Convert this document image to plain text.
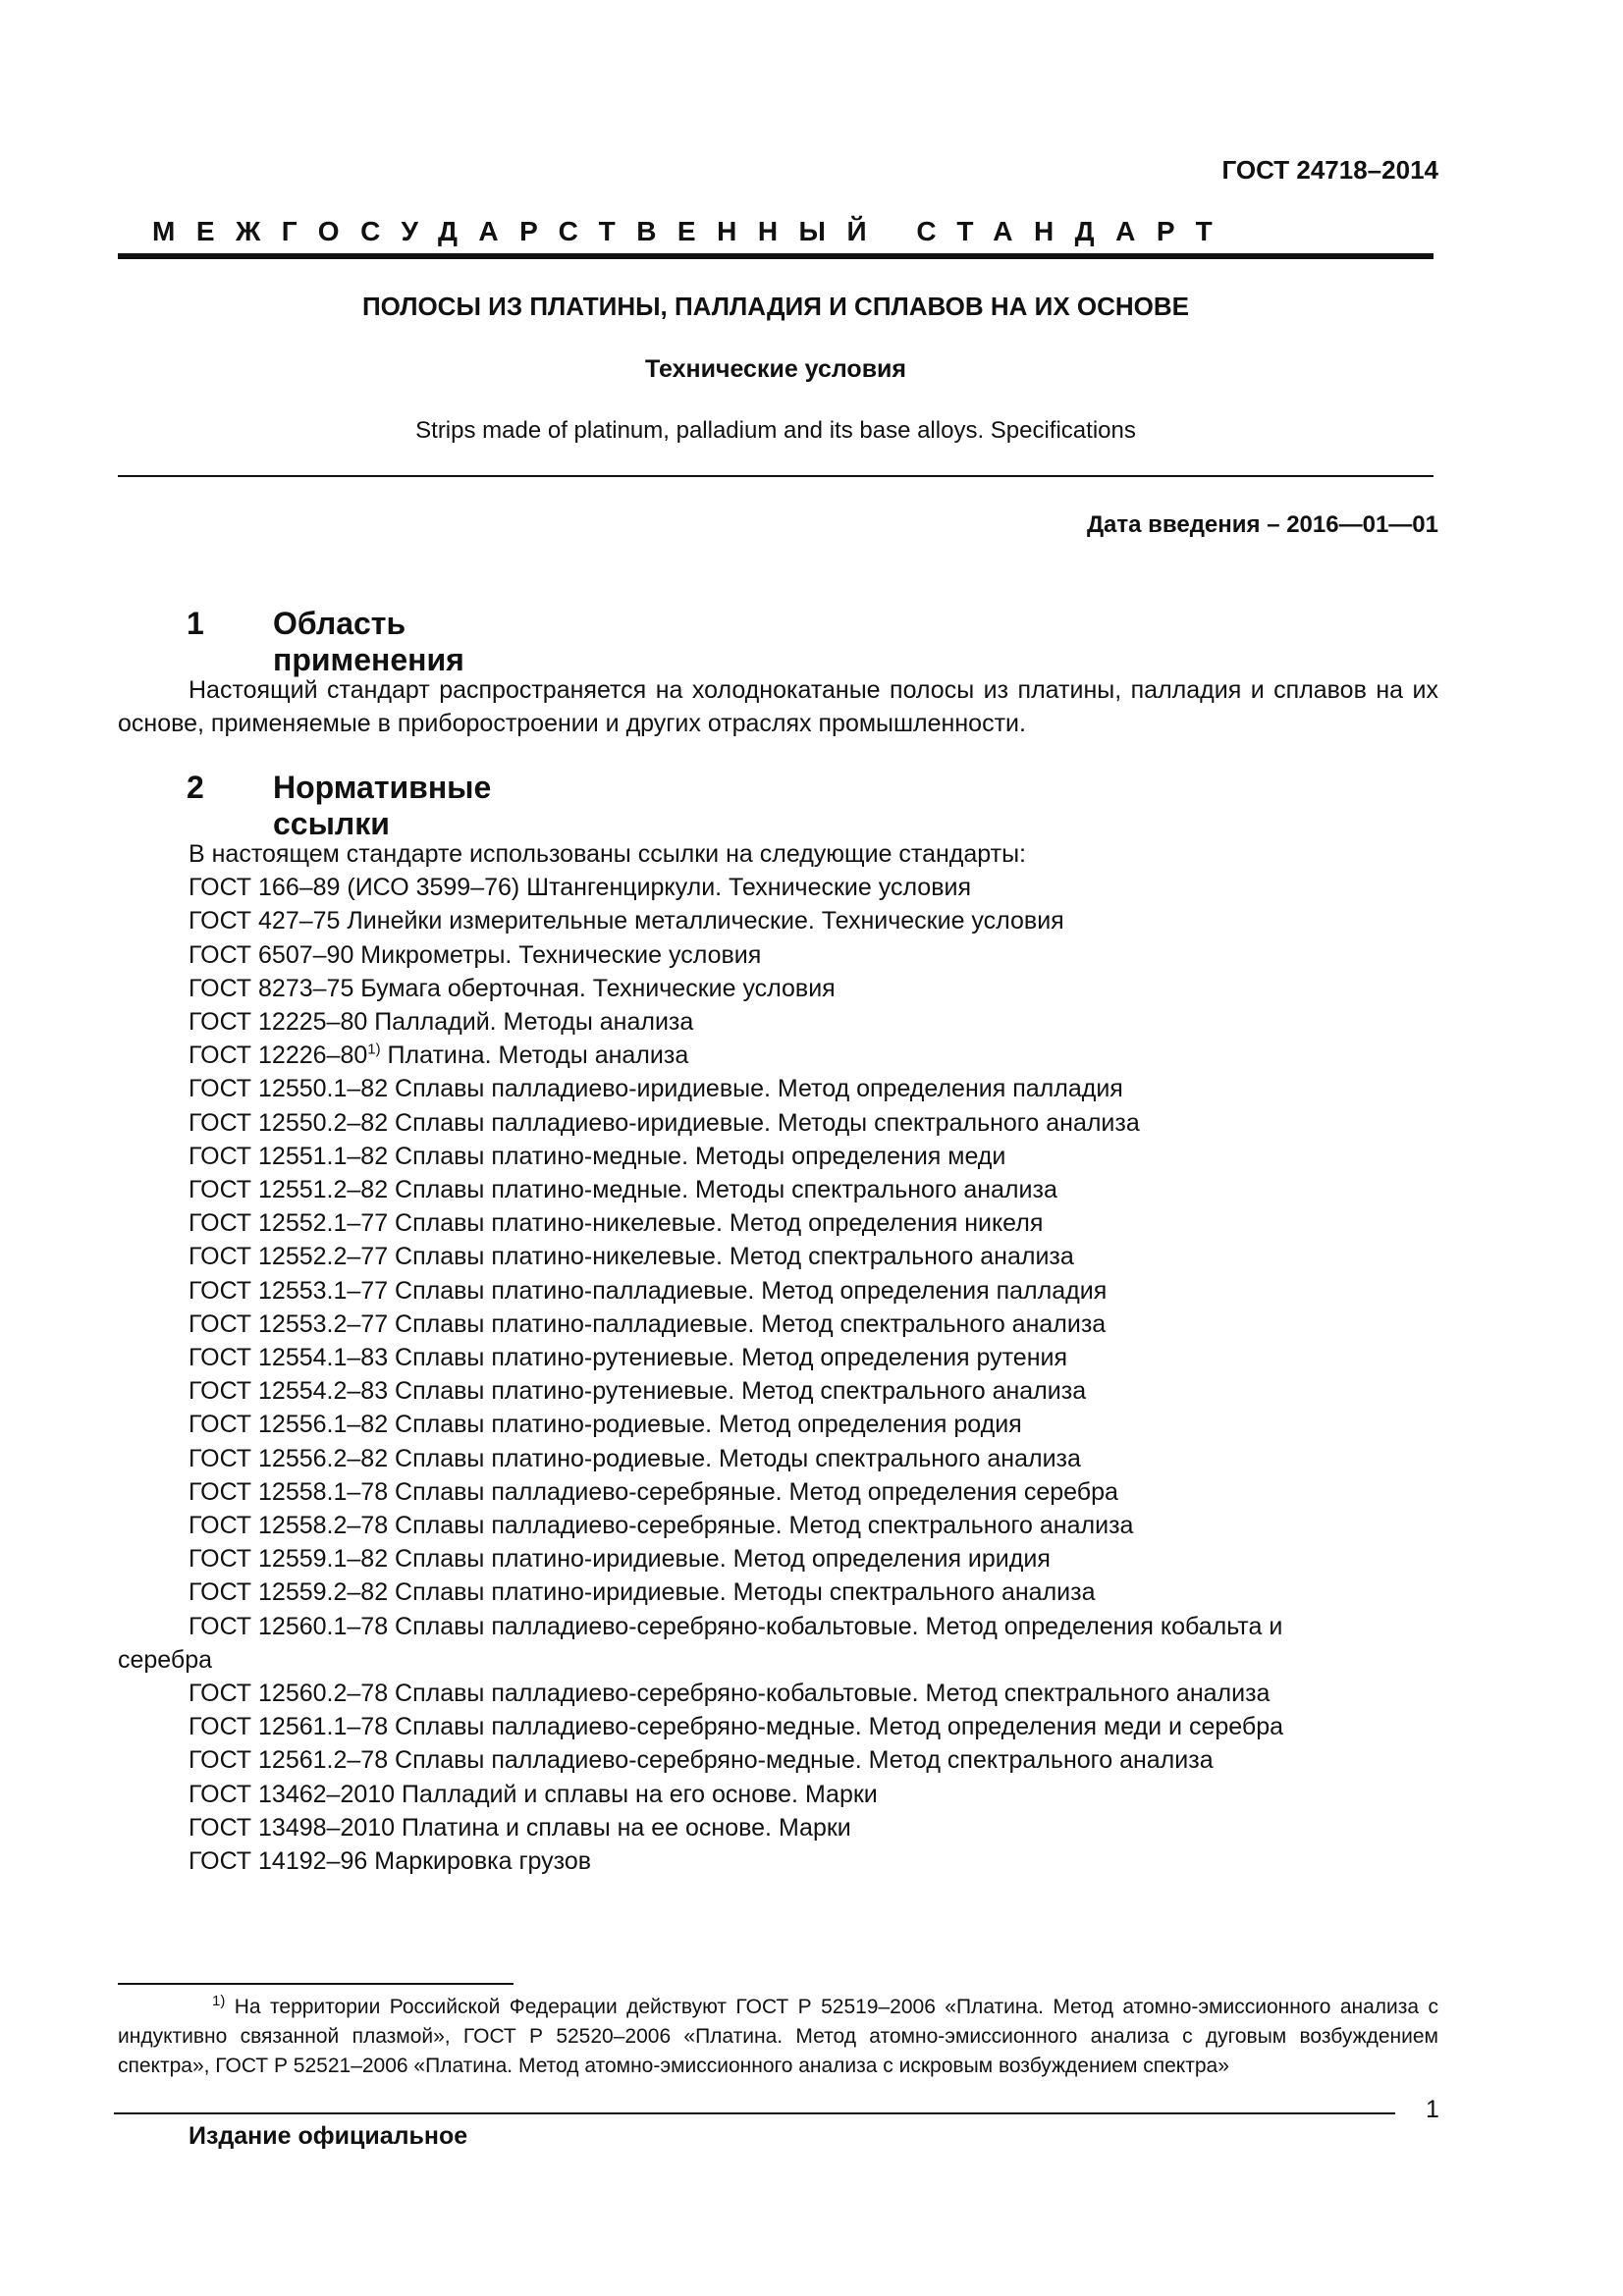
ГОСТ 24718–2014
МЕЖГОСУДАРСТВЕННЫЙ СТАНДАРТ
ПОЛОСЫ ИЗ ПЛАТИНЫ, ПАЛЛАДИЯ И СПЛАВОВ НА ИХ ОСНОВЕ
Технические условия
Strips made of platinum, palladium and its base alloys. Specifications
Дата введения – 2016—01—01
1 Область применения
Настоящий стандарт распространяется на холоднокатаные полосы из платины, палладия и сплавов на их основе, применяемые в приборостроении и других отраслях промышленности.
2 Нормативные ссылки
В настоящем стандарте использованы ссылки на следующие стандарты:
ГОСТ 166–89 (ИСО 3599–76) Штангенциркули. Технические условия
ГОСТ 427–75 Линейки измерительные металлические. Технические условия
ГОСТ 6507–90 Микрометры. Технические условия
ГОСТ 8273–75 Бумага оберточная. Технические условия
ГОСТ 12225–80 Палладий. Методы анализа
ГОСТ 12226–80$^{1)}$ Платина. Методы анализа
ГОСТ 12550.1–82 Сплавы палладиево-иридиевые. Метод определения палладия
ГОСТ 12550.2–82 Сплавы палладиево-иридиевые. Методы спектрального анализа
ГОСТ 12551.1–82 Сплавы платино-медные. Методы определения меди
ГОСТ 12551.2–82 Сплавы платино-медные. Методы спектрального анализа
ГОСТ 12552.1–77 Сплавы платино-никелевые. Метод определения никеля
ГОСТ 12552.2–77 Сплавы платино-никелевые. Метод спектрального анализа
ГОСТ 12553.1–77 Сплавы платино-палладиевые. Метод определения палладия
ГОСТ 12553.2–77 Сплавы платино-палладиевые. Метод спектрального анализа
ГОСТ 12554.1–83 Сплавы платино-рутениевые. Метод определения рутения
ГОСТ 12554.2–83 Сплавы платино-рутениевые. Метод спектрального анализа
ГОСТ 12556.1–82 Сплавы платино-родиевые. Метод определения родия
ГОСТ 12556.2–82 Сплавы платино-родиевые. Методы спектрального анализа
ГОСТ 12558.1–78 Сплавы палладиево-серебряные. Метод определения серебра
ГОСТ 12558.2–78 Сплавы палладиево-серебряные. Метод спектрального анализа
ГОСТ 12559.1–82 Сплавы платино-иридиевые. Метод определения иридия
ГОСТ 12559.2–82 Сплавы платино-иридиевые. Методы спектрального анализа
ГОСТ 12560.1–78 Сплавы палладиево-серебряно-кобальтовые. Метод определения кобальта и
серебра
ГОСТ 12560.2–78 Сплавы палладиево-серебряно-кобальтовые. Метод спектрального анализа
ГОСТ 12561.1–78 Сплавы палладиево-серебряно-медные. Метод определения меди и серебра
ГОСТ 12561.2–78 Сплавы палладиево-серебряно-медные. Метод спектрального анализа
ГОСТ 13462–2010 Палладий и сплавы на его основе. Марки
ГОСТ 13498–2010 Платина и сплавы на ее основе. Марки
ГОСТ 14192–96 Маркировка грузов
$^{1)}$ На территории Российской Федерации действуют ГОСТ Р 52519–2006 «Платина. Метод атомно-эмиссионного анализа с индуктивно связанной плазмой», ГОСТ Р 52520–2006 «Платина. Метод атомно-эмиссионного анализа с дуговым возбуждением спектра», ГОСТ Р 52521–2006 «Платина. Метод атомно-эмиссионного анализа с искровым возбуждением спектра»
Издание официальное
1
